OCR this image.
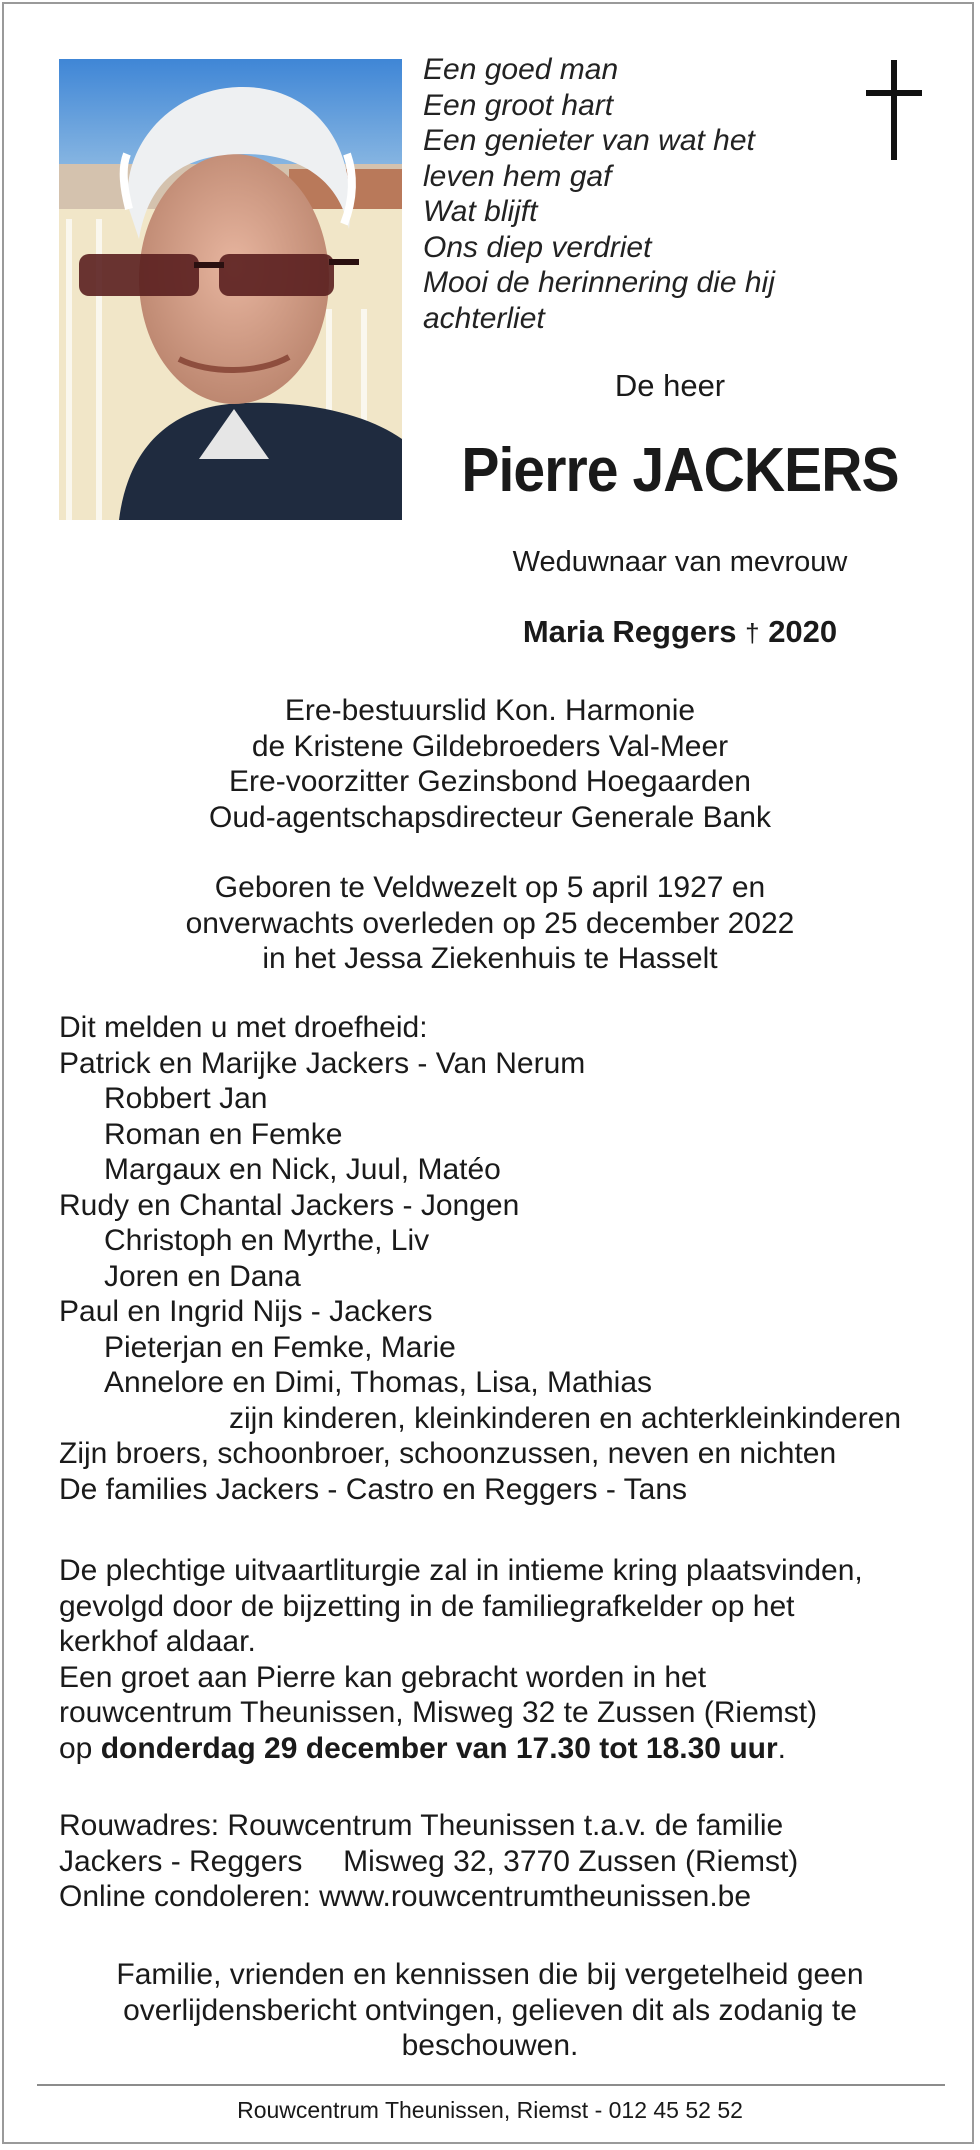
Een goed man
Een groot hart
Een genieter van wat het
leven hem gaf
Wat blijft
Ons diep verdriet
Mooi de herinnering die hij
achterliet
De heer
Pierre JACKERS
Weduwnaar van mevrouw
Maria Reggers † 2020
Ere-bestuurslid Kon. Harmonie
de Kristene Gildebroeders Val-Meer
Ere-voorzitter Gezinsbond Hoegaarden
Oud-agentschapsdirecteur Generale Bank
Geboren te Veldwezelt op 5 april 1927 en
onverwachts overleden op 25 december 2022
in het Jessa Ziekenhuis te Hasselt
Dit melden u met droefheid:
Patrick en Marijke Jackers - Van Nerum
Robbert Jan
Roman en Femke
Margaux en Nick, Juul, Matéo
Rudy en Chantal Jackers - Jongen
Christoph en Myrthe, Liv
Joren en Dana
Paul en Ingrid Nijs - Jackers
Pieterjan en Femke, Marie
Annelore en Dimi, Thomas, Lisa, Mathias
zijn kinderen, kleinkinderen en achterkleinkinderen
Zijn broers, schoonbroer, schoonzussen, neven en nichten
De families Jackers - Castro en Reggers - Tans
De plechtige uitvaartliturgie zal in intieme kring plaatsvinden,
gevolgd door de bijzetting in de familiegrafkelder op het
kerkhof aldaar.
Een groet aan Pierre kan gebracht worden in het
rouwcentrum Theunissen, Misweg 32 te Zussen (Riemst)
op donderdag 29 december van 17.30 tot 18.30 uur.
Rouwadres: Rouwcentrum Theunissen t.a.v. de familie
Jackers - Reggers Misweg 32, 3770 Zussen (Riemst)
Online condoleren: www.rouwcentrumtheunissen.be
Familie, vrienden en kennissen die bij vergetelheid geen
overlijdensbericht ontvingen, gelieven dit als zodanig te
beschouwen.
Rouwcentrum Theunissen, Riemst - 012 45 52 52
